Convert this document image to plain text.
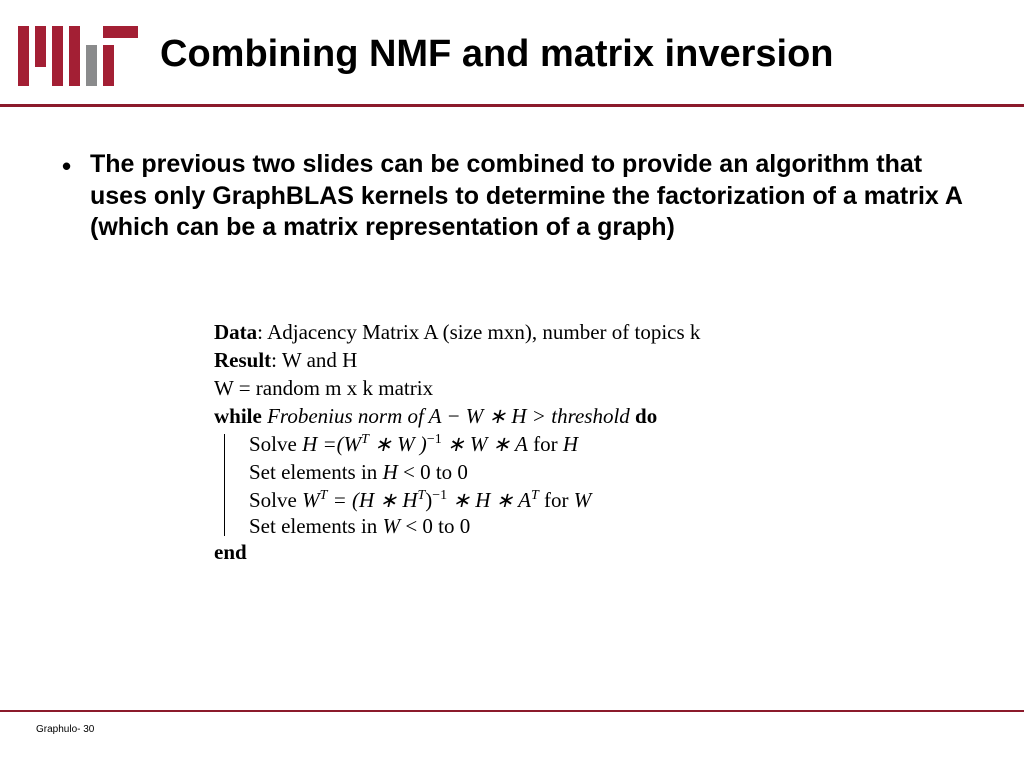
Combining NMF and matrix inversion
• The previous two slides can be combined to provide an algorithm that uses only GraphBLAS kernels to determine the factorization of a matrix A (which can be a matrix representation of a graph)

Data: Adjacency Matrix A (size mxn), number of topics k
Result: W and H
W = random m x k matrix
while Frobenius norm of A − W ∗ H > threshold do
Solve $H =(W^T$ ∗ W )$^{-1}$ ∗ W ∗ A for H
Set elements in H < 0 to 0
Solve $W^T = (H$ ∗ $H^T)^{-1}$ ∗ H ∗ $A^T$ for W
Set elements in W < 0 to 0
end
Graphulo- 30
